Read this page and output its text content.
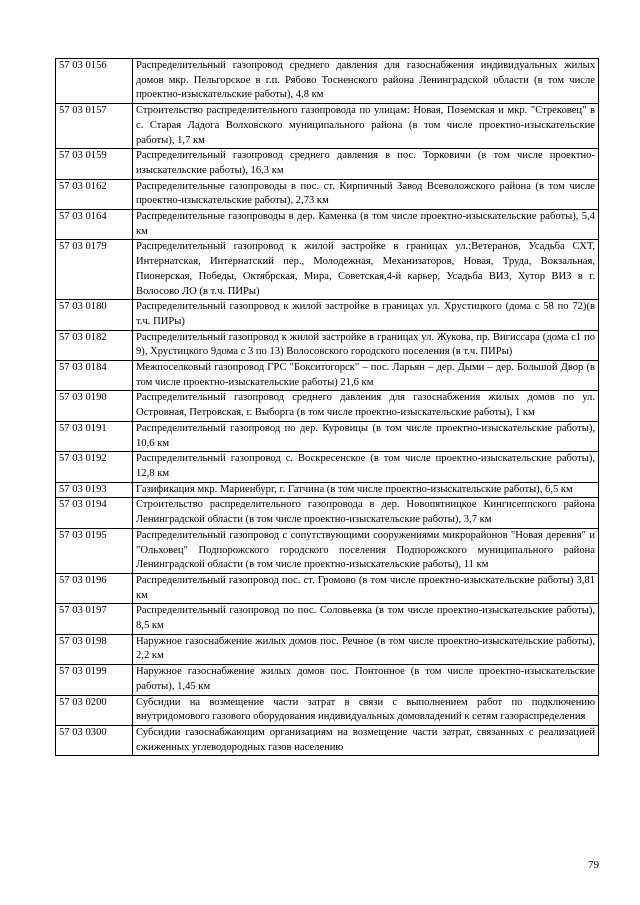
57 03 0156	Распределительный газопровод среднего давления для газоснабжения индивидуальных жилых домов мкр. Пельгорское в г.п. Рябово Тосненского района Ленинградской области (в том числе проектно-изыскательские работы), 4,8 км
57 03 0157	Строительство распределительного газопровода по улицам: Новая, Поземская и мкр. "Стрековец" в с. Старая Ладога Волховского муниципального района (в том числе проектно-изыскательские работы), 1,7 км
57 03 0159	Распределительный газопровод среднего давления в пос. Торковичи (в том числе проектно-изыскательские работы), 16,3 км
57 03 0162	Распределительные газопроводы в пос. ст. Кирпичный Завод Всеволожского района (в том числе проектно-изыскательские работы), 2,73 км
57 03 0164	Распределительные газопроводы в дер. Каменка (в том числе проектно-изыскательские работы), 5,4 км
57 03 0179	Распределительный газопровод к жилой застройке в границах ул.:Ветеранов, Усадьба СХТ, Интернатская, Интернатский пер., Молодежная, Механизаторов, Новая, Труда, Вокзальная, Пионерская, Победы, Октябрская, Мира, Советская,4-й карьер, Усадьба ВИЗ, Хутор ВИЗ в г. Волосово ЛО (в т.ч. ПИРы)
57 03 0180	Распределительный газопровод к жилой застройке в границах ул. Хрустицкого (дома с 58 по 72)(в т.ч. ПИРы)
57 03 0182	Распределительный газопровод к жилой застройке в границах ул. Жукова, пр. Вигиссара (дома с1 по 9), Хрустицкого 9дома с 3 по 13) Волосовского городского поселения (в т.ч. ПИРы)
57 03 0184	Межпоселковый газопровод ГРС "Бокситогорск" – пос. Ларьян – дер. Дыми – дер. Большой Двор (в том числе проектно-изыскательские работы) 21,6 км
57 03 0190	Распределительный газопровод среднего давления для газоснабжения жилых домов по ул. Островная, Петровская, г. Выборга (в том числе проектно-изыскательские работы), 1 км
57 03 0191	Распределительный газопровод по дер. Куровицы (в том числе проектно-изыскательские работы), 10,6 км
57 03 0192	Распределительный газопровод с. Воскресенское (в том числе проектно-изыскательские работы), 12,8 км
57 03 0193	Газификация мкр. Мариенбург, г. Гатчина (в том числе проектно-изыскательские работы), 6,5 км
57 03 0194	Строительство распределительного газопровода в дер. Новопятницкое Кингисеппского района Ленинградской области (в том числе проектно-изыскательские работы), 3,7 км
57 03 0195	Распределительный газопровод с сопутствующими сооружениями микрорайонов "Новая деревня" и "Ольховец" Подпорожского городского поселения Подпорожского муниципального района Ленинградской области (в том числе проектно-изыскательские работы), 11 км
57 03 0196	Распределительный газопровод пос. ст. Громово (в том числе проектно-изыскательские работы) 3,81 км
57 03 0197	Распределительный газопровод по пос. Соловьевка (в том числе проектно-изыскательские работы), 8,5 км
57 03 0198	Наружное газоснабжение жилых домов пос. Речное (в том числе проектно-изыскательские работы), 2,2 км
57 03 0199	Наружное газоснабжение жилых домов пос. Понтонное (в том числе проектно-изыскательские работы), 1,45 км
57 03 0200	Субсидии на возмещение части затрат в связи с выполнением работ по подключению внутридомового газового оборудования индивидуальных домовладений к сетям газораспределения
57 03 0300	Субсидии газоснабжающим организациям на возмещение части затрат, связанных с реализацией сжиженных углеводородных газов населению
79
